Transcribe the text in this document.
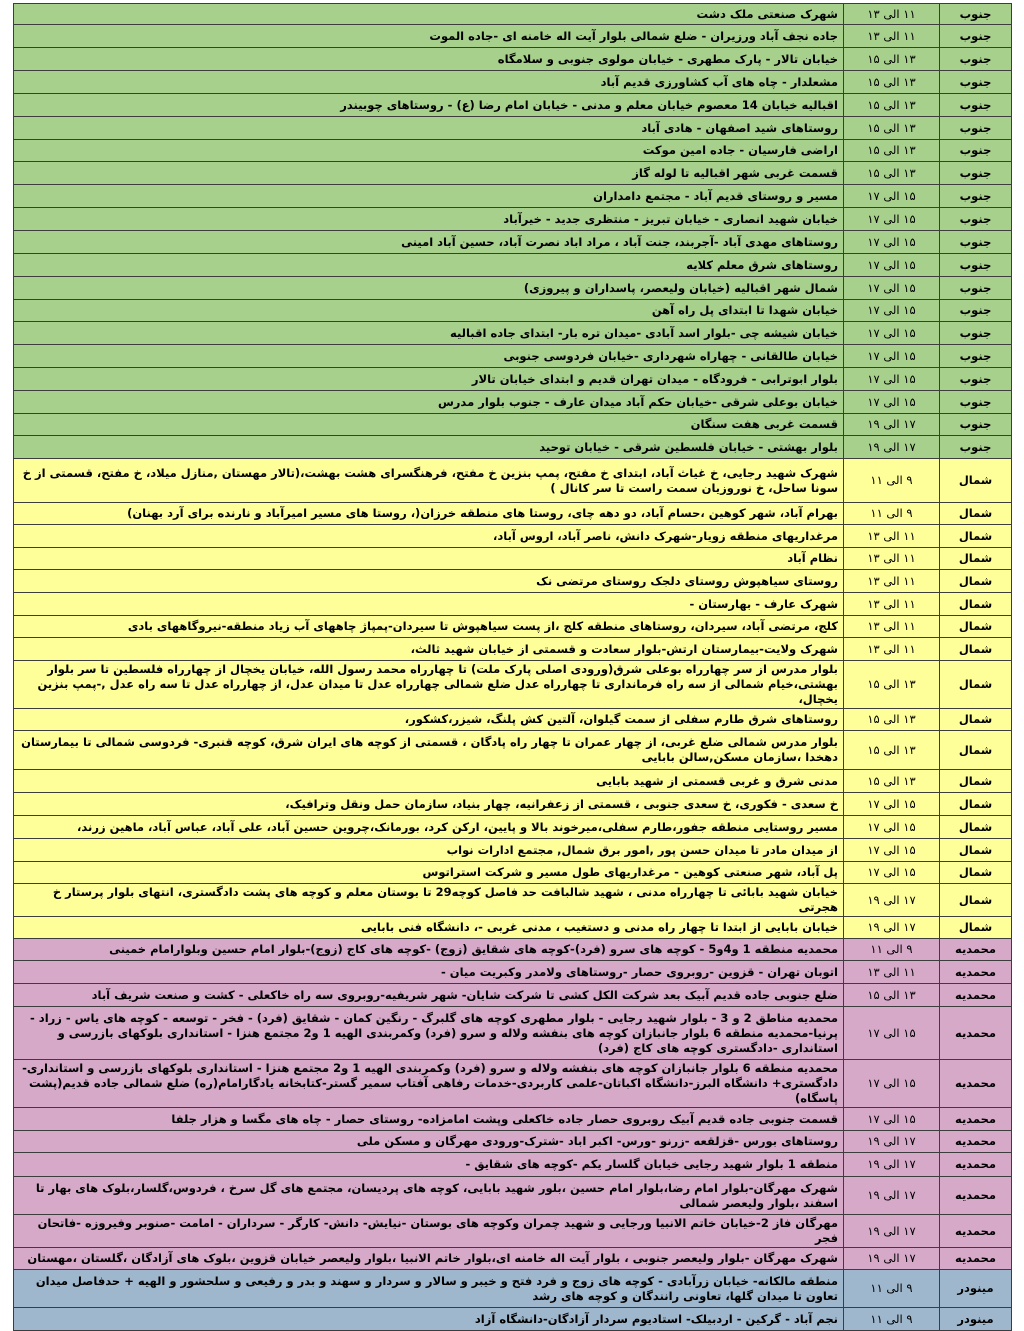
جنوب	۱۱ الی ۱۳	شهرک صنعتی ملک دشت
جنوب	۱۱ الی ۱۳	جاده نجف آباد ورزیران - ضلع شمالی بلوار آیت اله خامنه ای -جاده الموت
جنوب	۱۳ الی ۱۵	خیابان تالار - پارک مطهری - خیابان مولوی جنوبی و سلامگاه
جنوب	۱۳ الی ۱۵	مشعلدار - چاه های آب کشاورزی قدیم آباد
جنوب	۱۳ الی ۱۵	اقبالیه خیابان 14 معصوم خیابان معلم و مدنی - خیابان امام رضا (ع) - روستاهای چوبیندر
جنوب	۱۳ الی ۱۵	روستاهای شید اصفهان - هادی آباد
جنوب	۱۳ الی ۱۵	اراضی فارسیان - جاده امین موکت
جنوب	۱۳ الی ۱۵	قسمت غربی شهر اقبالیه تا لوله گاز
جنوب	۱۵ الی ۱۷	مسیر و روستای قدیم آباد - مجتمع دامداران
جنوب	۱۵ الی ۱۷	خیابان شهید انصاری - خیابان تبریز - منتظری جدید - خیرآباد
جنوب	۱۵ الی ۱۷	روستاهای مهدی آباد -آجربند، جنت آباد ، مراد اباد نصرت آباد، حسین آباد امینی
جنوب	۱۵ الی ۱۷	روستاهای شرق معلم کلایه
جنوب	۱۵ الی ۱۷	شمال شهر اقبالیه (خیابان ولیعصر، پاسداران و پیروزی)
جنوب	۱۵ الی ۱۷	خیابان شهدا تا ابتدای پل راه آهن
جنوب	۱۵ الی ۱۷	خیابان شیشه چی -بلوار اسد آبادی -میدان تره بار- ابتدای جاده اقبالیه
جنوب	۱۵ الی ۱۷	خیابان طالقانی - چهاراه شهرداری -خیابان فردوسی جنوبی
جنوب	۱۵ الی ۱۷	بلوار ابوترابی - فرودگاه - میدان تهران قدیم و ابتدای خیابان تالار
جنوب	۱۵ الی ۱۷	خیابان بوعلی شرقی -خیابان حکم آباد میدان عارف - جنوب بلوار مدرس
جنوب	۱۷ الی ۱۹	قسمت غربی هفت سنگان
جنوب	۱۷ الی ۱۹	بلوار بهشتی - خیابان فلسطین شرقی - خیابان توحید
شمال	۹ الی ۱۱	شهرک شهید رجایی، خ غیاث آباد، ابتدای خ مفتح، پمپ بنزین خ مفتح، فرهنگسرای هشت بهشت،(تالار مهستان ,منازل میلاد، خ مفتح، قسمتی از خ سونا ساحل، خ نوروزیان سمت راست تا سر کانال )
شمال	۹ الی ۱۱	بهرام آباد، شهر کوهین ،حسام آباد، دو دهه چای، روستا های منطقه خرزان(، روستا های مسیر امیرآباد و نارنده برای آرد بهنان)
شمال	۱۱ الی ۱۳	مرغداریهای منطقه زویار-شهرک دانش، ناصر آباد، اروس آباد،
شمال	۱۱ الی ۱۳	نظام آباد
شمال	۱۱ الی ۱۳	روستای سیاهپوش روستای دلجک روستای مرتضی نک
شمال	۱۱ الی ۱۳	شهرک عارف - بهارستان -
شمال	۱۱ الی ۱۳	کلج، مرتضی آباد، سیردان، روستاهای منطقه کلج ،از پست سیاهپوش تا سیردان-پمپاژ چاههای آب زیاد منطقه-نیروگاههای بادی
شمال	۱۱ الی ۱۳	شهرک ولایت-بیمارستان ارتش-بلوار سعادت و قسمتی از خیابان شهید ثالث،
شمال	۱۳ الی ۱۵	بلوار مدرس از سر چهارراه بوعلی شرق(ورودی اصلی پارک ملت) تا چهارراه محمد رسول الله، خیابان یخچال از چهارراه فلسطین تا سر بلوار بهشتی،خیام شمالی از سه راه فرمانداری تا چهارراه عدل ضلع شمالی چهارراه عدل تا میدان عدل، از چهارراه عدل تا سه راه عدل ,-پمپ بنزین یخچال،
شمال	۱۳ الی ۱۵	روستاهای شرق طارم سفلی از سمت گیلوان، آلتین کش پلنگ، شیزر،کشکور،
شمال	۱۳ الی ۱۵	بلوار مدرس شمالی ضلع غربی، از چهار عمران تا چهار راه پادگان ، قسمتی از کوچه های ایران شرق، کوچه قنبری- فردوسی شمالی تا بیمارستان دهخدا ،سازمان مسکن,سالن بابایی
شمال	۱۳ الی ۱۵	مدنی شرق و غربی قسمتی از شهید بابایی
شمال	۱۵ الی ۱۷	خ سعدی - فکوری، خ سعدی جنوبی ، قسمتی از زعفرانیه، چهار بنیاد، سازمان حمل ونقل وترافیک،
شمال	۱۵ الی ۱۷	مسیر روستایی منطقه جفور،طارم سفلی،میرخوند بالا و پایین، ارکن کرد، بورمانک،چروین حسین آباد، علی آباد، عباس آباد، ماهین زرند،
شمال	۱۵ الی ۱۷	از میدان مادر تا میدان حسن پور ,امور برق شمال, مجتمع ادارات نواب
شمال	۱۵ الی ۱۷	پل آباد، شهر صنعتی کوهین - مرغداریهای طول مسیر و شرکت استراتوس
شمال	۱۷ الی ۱۹	خیابان شهید بابائی تا چهارراه مدنی ، شهید شالبافت حد فاصل کوچه29 تا بوستان معلم و کوچه های پشت دادگستری، انتهای بلوار پرستار خ هجرتی
شمال	۱۷ الی ۱۹	خیابان بابایی از ابتدا تا چهار راه مدنی و دستغیب ، مدنی غربی -، دانشگاه فنی بابایی
محمدیه	۹ الی ۱۱	محمدیه منطقه 1 و4و5 - کوچه های سرو (فرد)-کوچه های شقایق (زوج) -کوچه های کاج (زوج)-بلوار امام حسین وبلوارامام خمینی
محمدیه	۱۱ الی ۱۳	اتوبان تهران - قزوین -روبروی حصار -روستاهای ولامدر وکبریت میان -
محمدیه	۱۳ الی ۱۵	ضلع جنوبی جاده قدیم آبیک بعد شرکت الکل کشی تا شرکت شایان- شهر شریفیه-روبروی سه راه خاکعلی - کشت و صنعت شریف آباد
محمدیه	۱۵ الی ۱۷	محمدیه مناطق 2 و 3 - بلوار شهید رجایی - بلوار مطهری کوچه های گلبرگ - رنگین کمان - شقایق (فرد) - فخر - توسعه - کوچه های یاس - زراد - پرنیا-محمدیه منطقه 6 بلوار جانبازان کوچه های بنفشه ولاله و سرو (فرد) وکمربندی الهیه 1 و2 مجتمع هنزا - استانداری بلوکهای بازرسی و استانداری -دادگستری کوچه های کاج (فرد)
محمدیه	۱۵ الی ۱۷	محمدیه منطقه 6 بلوار جانبازان کوچه های بنفشه ولاله و سرو (فرد) وکمربندی الهیه 1 و2 مجتمع هنزا - استانداری بلوکهای بازرسی و استانداری-دادگستری+ دانشگاه البرز-دانشگاه اکباتان-علمی کاربردی-خدمات رفاهی آفتاب سمیر گستر-کتابخانه یادگارامام(ره) ضلع شمالی جاده قدیم(پشت پاسگاه)
محمدیه	۱۵ الی ۱۷	قسمت جنوبی جاده قدیم آبیک روبروی حصار جاده خاکعلی وپشت امامزاده- روستای حصار - چاه های مگسا و هزار جلفا
محمدیه	۱۷ الی ۱۹	روستاهای بورس -قزلقعه -زرنو -ورس- اکبر اباد -شترک-ورودی مهرگان و مسکن ملی
محمدیه	۱۷ الی ۱۹	منطقه 1 بلوار شهید رجایی خیابان گلسار یکم -کوچه های شقایق -
محمدیه	۱۷ الی ۱۹	شهرک مهرگان-بلوار امام رضا،بلوار امام حسین ،بلور شهید بابایی، کوچه های پردیسان، مجتمع های گل سرخ ، فردوس،گلسار،بلوک های بهار تا اسفند ،بلوار ولیعصر شمالی
محمدیه	۱۷ الی ۱۹	مهرگان فاز 2-خیابان خاتم الانبیا ورجایی و شهید چمران وکوچه های بوستان -نیایش- دانش- کارگر - سرداران - امامت -صنوبر وفیروزه -فاتحان فجر
محمدیه	۱۷ الی ۱۹	شهرک مهرگان -بلوار ولیعصر جنوبی ، بلوار آیت اله خامنه ای،بلوار خاتم الانبیا ،بلوار ولیعصر خیابان قزوین ،بلوک های آزادگان ،گلستان ،مهستان
مینودر	۹ الی ۱۱	منطقه مالکانه- خیابان زرآبادی - کوچه های زوج و فرد فتح و خیبر و سالار و سردار و سهند و بدر و رفیعی و سلحشور و الهیه + حدفاصل میدان تعاون تا میدان گلها، تعاونی رانندگان و کوچه های رشد
مینودر	۹ الی ۱۱	نجم آباد - گرکین - اردبیلک- استادیوم سردار آزادگان-دانشگاه آزاد
